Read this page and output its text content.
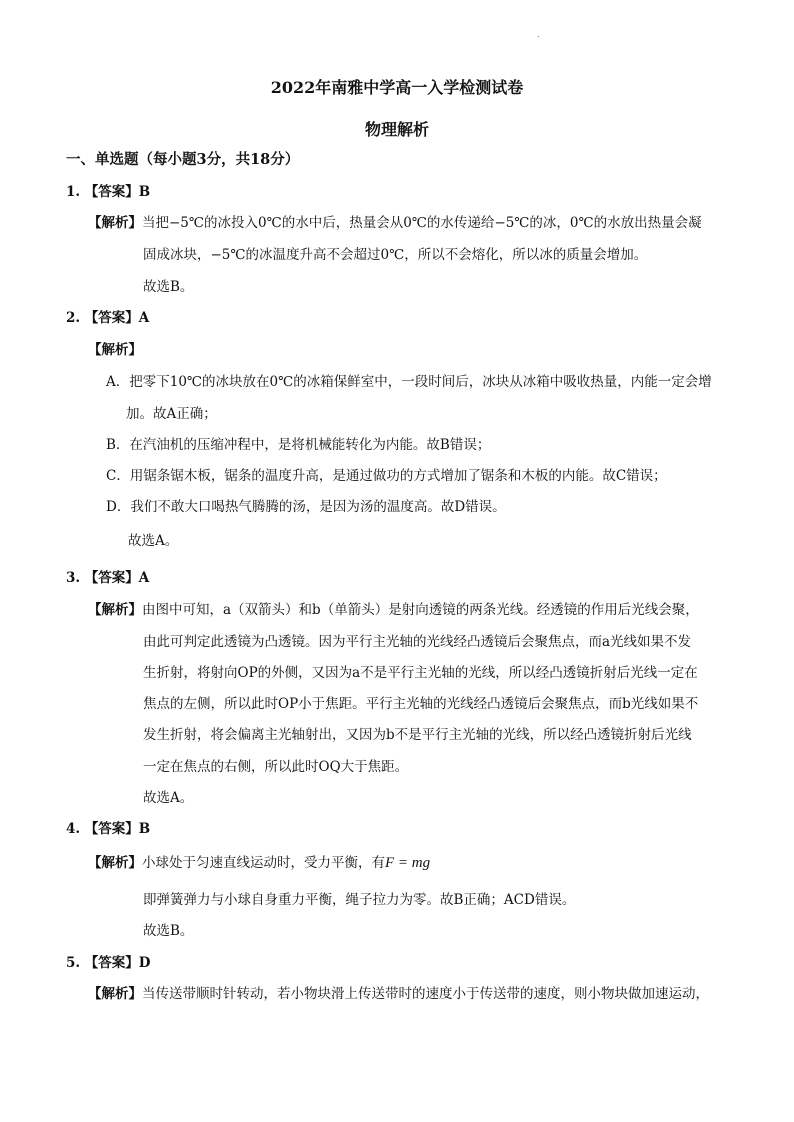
.
2022年南雅中学高一入学检测试卷
物理解析
一、单选题（每小题3分，共18分）
1. 【答案】B
【解析】当把−5℃的冰投入0℃的水中后，热量会从0℃的水传递给−5℃的冰，0℃的水放出热量会凝
固成冰块，−5℃的冰温度升高不会超过0℃，所以不会熔化，所以冰的质量会增加。
故选B。
2. 【答案】A
【解析】
A．把零下10℃的冰块放在0℃的冰箱保鲜室中，一段时间后，冰块从冰箱中吸收热量，内能一定会增
加。故A正确；
B．在汽油机的压缩冲程中，是将机械能转化为内能。故B错误；
C．用锯条锯木板，锯条的温度升高，是通过做功的方式增加了锯条和木板的内能。故C错误；
D．我们不敢大口喝热气腾腾的汤，是因为汤的温度高。故D错误。
故选A。
3. 【答案】A
【解析】由图中可知，a（双箭头）和b（单箭头）是射向透镜的两条光线。经透镜的作用后光线会聚，
由此可判定此透镜为凸透镜。因为平行主光轴的光线经凸透镜后会聚焦点，而a光线如果不发
生折射，将射向OP的外侧，又因为a不是平行主光轴的光线，所以经凸透镜折射后光线一定在
焦点的左侧，所以此时OP小于焦距。平行主光轴的光线经凸透镜后会聚焦点，而b光线如果不
发生折射，将会偏离主光轴射出，又因为b不是平行主光轴的光线，所以经凸透镜折射后光线
一定在焦点的右侧，所以此时OQ大于焦距。
故选A。
4. 【答案】B
【解析】小球处于匀速直线运动时，受力平衡，有F = mg
即弹簧弹力与小球自身重力平衡，绳子拉力为零。故B正确；ACD错误。
故选B。
5. 【答案】D
【解析】当传送带顺时针转动，若小物块滑上传送带时的速度小于传送带的速度，则小物块做加速运动，
